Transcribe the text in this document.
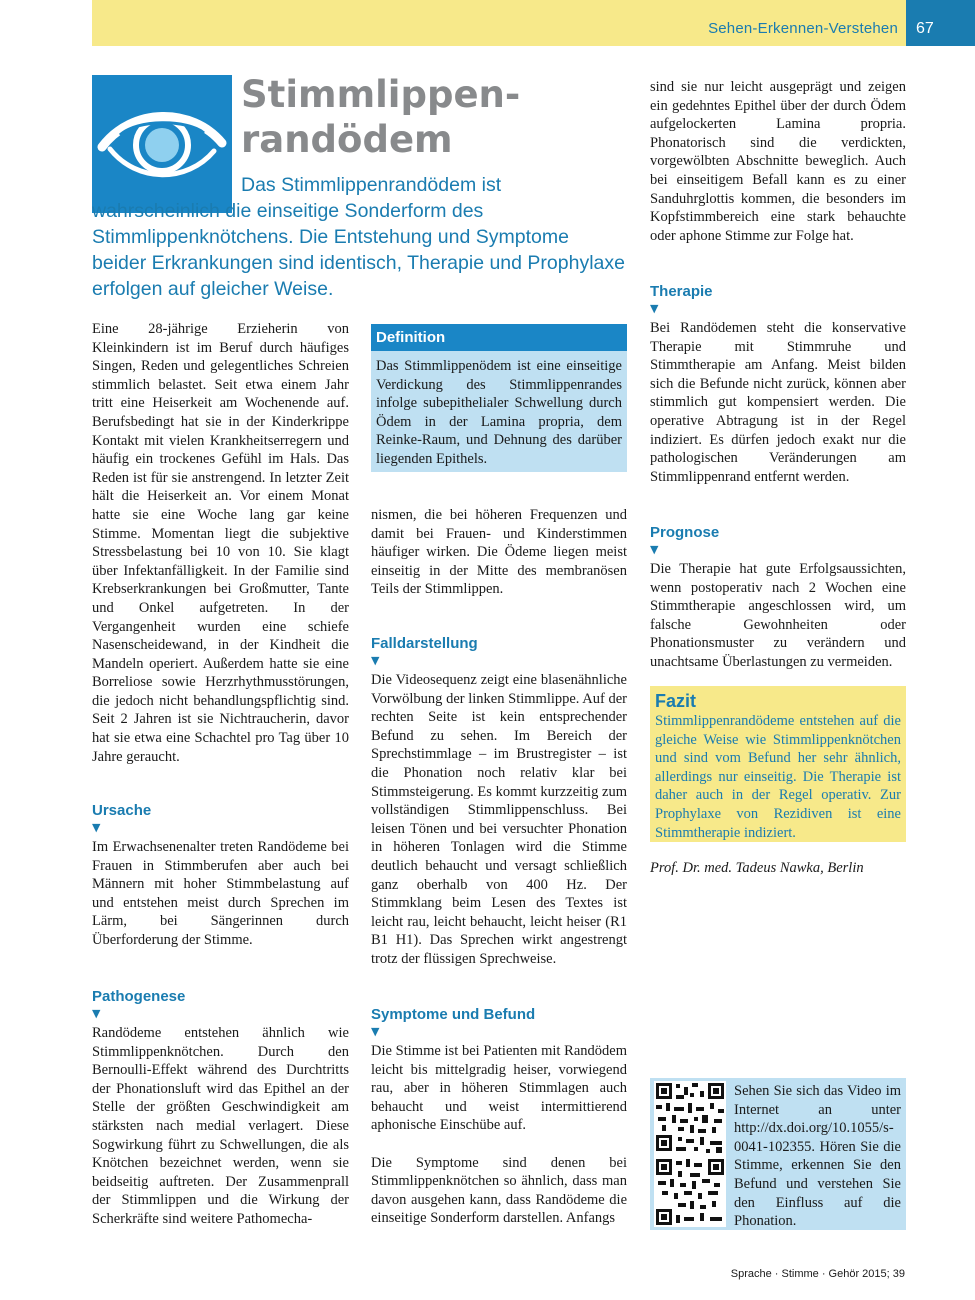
Sehen-Erkennen-Verstehen	67
Stimmlippen-
randödem

Das Stimmlippenrandödem ist wahrscheinlich die einseitige Sonderform des Stimmlippenknötchens. Die Entstehung und Symptome beider Erkrankungen sind identisch, Therapie und Prophylaxe erfolgen auf gleicher Weise.

Eine 28-jährige Erzieherin von Kleinkindern ist im Beruf durch häufiges Singen, Reden und gelegentliches Schreien stimmlich belastet. Seit etwa einem Jahr tritt eine Heiserkeit am Wochenende auf. Berufsbedingt hat sie in der Kinderkrippe Kontakt mit vielen Krankheitserregern und häufig ein trockenes Gefühl im Hals. Das Reden ist für sie anstrengend. In letzter Zeit hält die Heiserkeit an. Vor einem Monat hatte sie eine Woche lang gar keine Stimme. Momentan liegt die subjektive Stressbelastung bei 10 von 10. Sie klagt über Infektanfälligkeit. In der Familie sind Krebserkrankungen bei Großmutter, Tante und Onkel aufgetreten. In der Vergangenheit wurden eine schiefe Nasenscheidewand, in der Kindheit die Mandeln operiert. Außerdem hatte sie eine Borreliose sowie Herzrhythmusstörungen, die jedoch nicht behandlungspflichtig sind. Seit 2 Jahren ist sie Nichtraucherin, davor hat sie etwa eine Schachtel pro Tag über 10 Jahre geraucht.

Ursache
▼

Im Erwachsenenalter treten Randödeme bei Frauen in Stimmberufen aber auch bei Männern mit hoher Stimmbelastung auf und entstehen meist durch Sprechen im Lärm, bei Sängerinnen durch Überforderung der Stimme.

Pathogenese
▼

Randödeme entstehen ähnlich wie Stimmlippenknötchen. Durch den Bernoulli-Effekt während des Durchtritts der Phonationsluft wird das Epithel an der Stelle der größten Geschwindigkeit am stärksten nach medial verlagert. Diese Sogwirkung führt zu Schwellungen, die als Knötchen bezeichnet werden, wenn sie beidseitig auftreten. Der Zusammenprall der Stimmlippen und die Wirkung der Scherkräfte sind weitere Pathomecha-

Definition
Das Stimmlippenödem ist eine einseitige Verdickung des Stimmlippenrandes infolge subepithelialer Schwellung durch Ödem in der Lamina propria, dem Reinke-Raum, und Dehnung des darüber liegenden Epithels.

nismen, die bei höheren Frequenzen und damit bei Frauen- und Kinderstimmen häufiger wirken. Die Ödeme liegen meist einseitig in der Mitte des membranösen Teils der Stimmlippen.

Falldarstellung
▼

Die Videosequenz zeigt eine blasenähnliche Vorwölbung der linken Stimmlippe. Auf der rechten Seite ist kein entsprechender Befund zu sehen. Im Bereich der Sprechstimmlage – im Brustregister – ist die Phonation noch relativ klar bei Stimmsteigerung. Es kommt kurzzeitig zum vollständigen Stimmlippenschluss. Bei leisen Tönen und bei versuchter Phonation in höheren Tonlagen wird die Stimme deutlich behaucht und versagt schließlich ganz oberhalb von 400 Hz. Der Stimmklang beim Lesen des Textes ist leicht rau, leicht behaucht, leicht heiser (R1 B1 H1). Das Sprechen wirkt angestrengt trotz der flüssigen Sprechweise.

Symptome und Befund
▼

Die Stimme ist bei Patienten mit Randödem leicht bis mittelgradig heiser, vorwiegend rau, aber in höheren Stimmlagen auch behaucht und weist intermittierend aphonische Einschübe auf.

Die Symptome sind denen bei Stimmlippenknötchen so ähnlich, dass man davon ausgehen kann, dass Randödeme die einseitige Sonderform darstellen. Anfangs

sind sie nur leicht ausgeprägt und zeigen ein gedehntes Epithel über der durch Ödem aufgelockerten Lamina propria. Phonatorisch sind die verdickten, vorgewölbten Abschnitte beweglich. Auch bei einseitigem Befall kann es zu einer Sanduhrglottis kommen, die besonders im Kopfstimmbereich eine stark behauchte oder aphone Stimme zur Folge hat.

Therapie
▼

Bei Randödemen steht die konservative Therapie mit Stimmruhe und Stimmtherapie am Anfang. Meist bilden sich die Befunde nicht zurück, können aber stimmlich gut kompensiert werden. Die operative Abtragung ist in der Regel indiziert. Es dürfen jedoch exakt nur die pathologischen Veränderungen am Stimmlippenrand entfernt werden.

Prognose
▼

Die Therapie hat gute Erfolgsaussichten, wenn postoperativ nach 2 Wochen eine Stimmtherapie angeschlossen wird, um falsche Gewohnheiten oder Phonationsmuster zu verändern und unachtsame Überlastungen zu vermeiden.

Fazit
Stimmlippenrandödeme entstehen auf die gleiche Weise wie Stimmlippenknötchen und sind vom Befund her sehr ähnlich, allerdings nur einseitig. Die Therapie ist daher auch in der Regel operativ. Zur Prophylaxe von Rezidiven ist eine Stimmtherapie indiziert.
Prof. Dr. med. Tadeus Nawka, Berlin
Sehen Sie sich das Video im Internet an unter http://dx.doi.org/10.1055/s-0041-102355. Hören Sie die Stimme, erkennen Sie den Befund und verstehen Sie den Einfluss auf die Phonation.
Sprache · Stimme · Gehör 2015; 39
